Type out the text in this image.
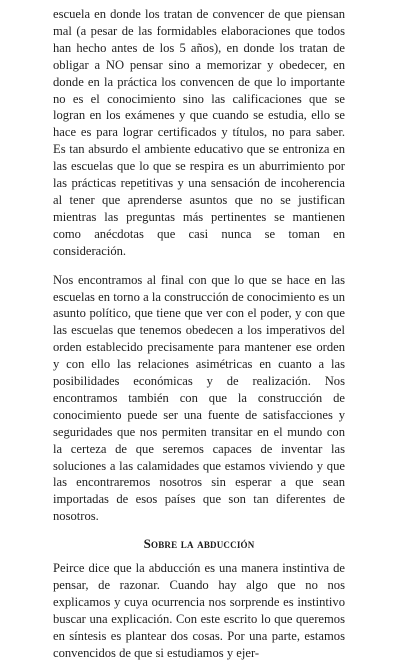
escuela en donde los tratan de convencer de que piensan mal (a pesar de las formidables elaboraciones que todos han hecho antes de los 5 años), en donde los tratan de obligar a NO pensar sino a memorizar y obedecer, en donde en la práctica los convencen de que lo importante no es el conocimiento sino las calificaciones que se logran en los exámenes y que cuando se estudia, ello se hace es para lograr certificados y títulos, no para saber. Es tan absurdo el ambiente educativo que se entroniza en las escuelas que lo que se respira es un aburrimiento por las prácticas repetitivas y una sensación de incoherencia al tener que aprenderse asuntos que no se justifican mientras las preguntas más pertinentes se mantienen como anécdotas que casi nunca se toman en consideración.

Nos encontramos al final con que lo que se hace en las escuelas en torno a la construcción de conocimiento es un asunto político, que tiene que ver con el poder, y con que las escuelas que tenemos obedecen a los imperativos del orden establecido precisamente para mantener ese orden y con ello las relaciones asimétricas en cuanto a las posibilidades económicas y de realización. Nos encontramos también con que la construcción de conocimiento puede ser una fuente de satisfacciones y seguridades que nos permiten transitar en el mundo con la certeza de que seremos capaces de inventar las soluciones a las calamidades que estamos viviendo y que las encontraremos nosotros sin esperar a que sean importadas de esos países que son tan diferentes de nosotros.

Sobre la abducción

Peirce dice que la abducción es una manera instintiva de pensar, de razonar. Cuando hay algo que no nos explicamos y cuya ocurrencia nos sorprende es instintivo buscar una explicación. Con este escrito lo que queremos en síntesis es plantear dos cosas. Por una parte, estamos convencidos de que si estudiamos y ejer-
